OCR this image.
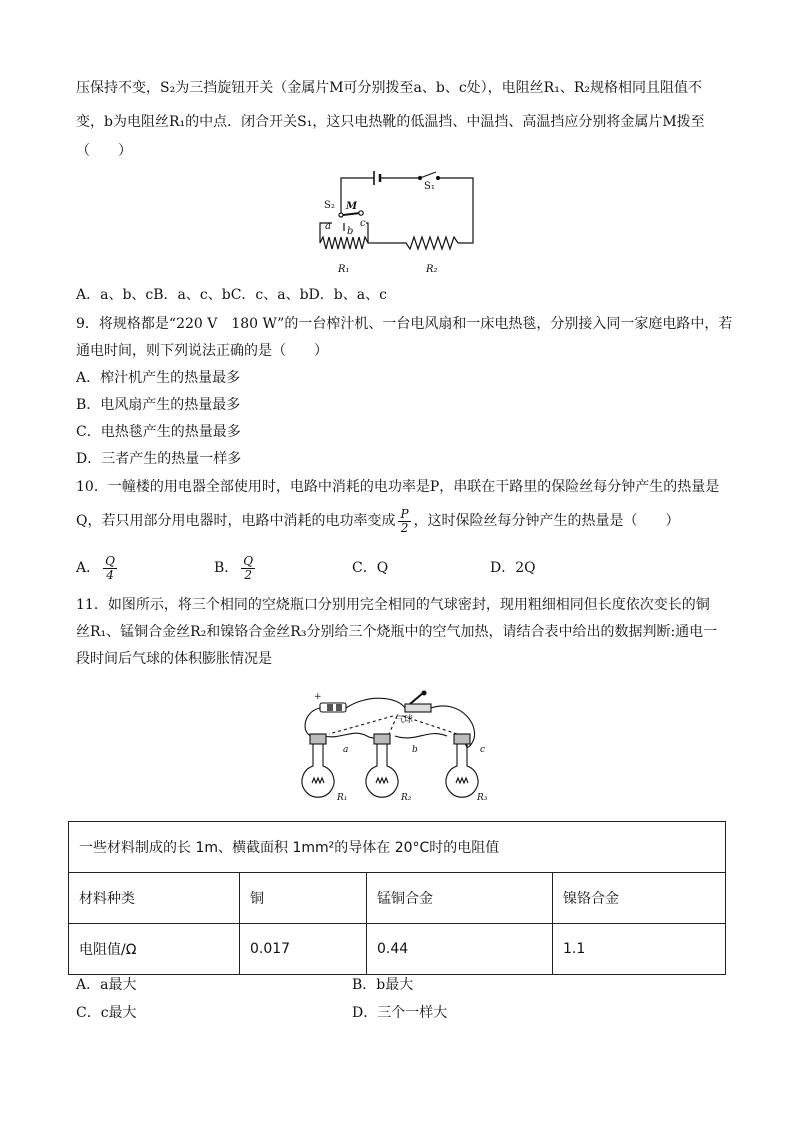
压保持不变，S₂为三挡旋钮开关（金属片M可分别拨至a、b、c处），电阻丝R₁、R₂规格相同且阻值不
变，b为电阻丝R₁的中点．闭合开关S₁，这只电热靴的低温挡、中温挡、高温挡应分别将金属片M拨至
（　　）
S₁
S₂ M
a b
c
R₁	R₂
A．a、b、cB．a、c、bC．c、a、bD．b、a、c
9．将规格都是“220 V　180 W”的一台榨汁机、一台电风扇和一床电热毯，分别接入同一家庭电路中，若
通电时间，则下列说法正确的是（　　）
A．榨汁机产生的热量最多
B．电风扇产生的热量最多
C．电热毯产生的热量最多
D．三者产生的热量一样多
10．一幢楼的用电器全部使用时，电路中消耗的电功率是P，串联在干路里的保险丝每分钟产生的热量是
Q，若只用部分用电器时，电路中消耗的电功率变成 $\frac{P}{2}$ ，这时保险丝每分钟产生的热量是（　　）
A． $\frac{Q}{4}$	B． $\frac{Q}{2}$	C．Q	D．2Q
11．如图所示，将三个相同的空烧瓶口分别用完全相同的气球密封，现用粗细相同但长度依次变长的铜
丝R₁、锰铜合金丝R₂和镍铬合金丝R₃分别给三个烧瓶中的空气加热，请结合表中给出的数据判断:通电一
段时间后气球的体积膨胀情况是
+
气球
a	b	c
R₁	R₂	R₃
一些材料制成的长 1m、横截面积 1mm²的导体在 20°C时的电阻值			
材料种类	铜	锰铜合金	镍铬合金
电阻值/Ω	0.017	0.44	1.1
A．a最大	B．b最大
C．c最大	D．三个一样大
